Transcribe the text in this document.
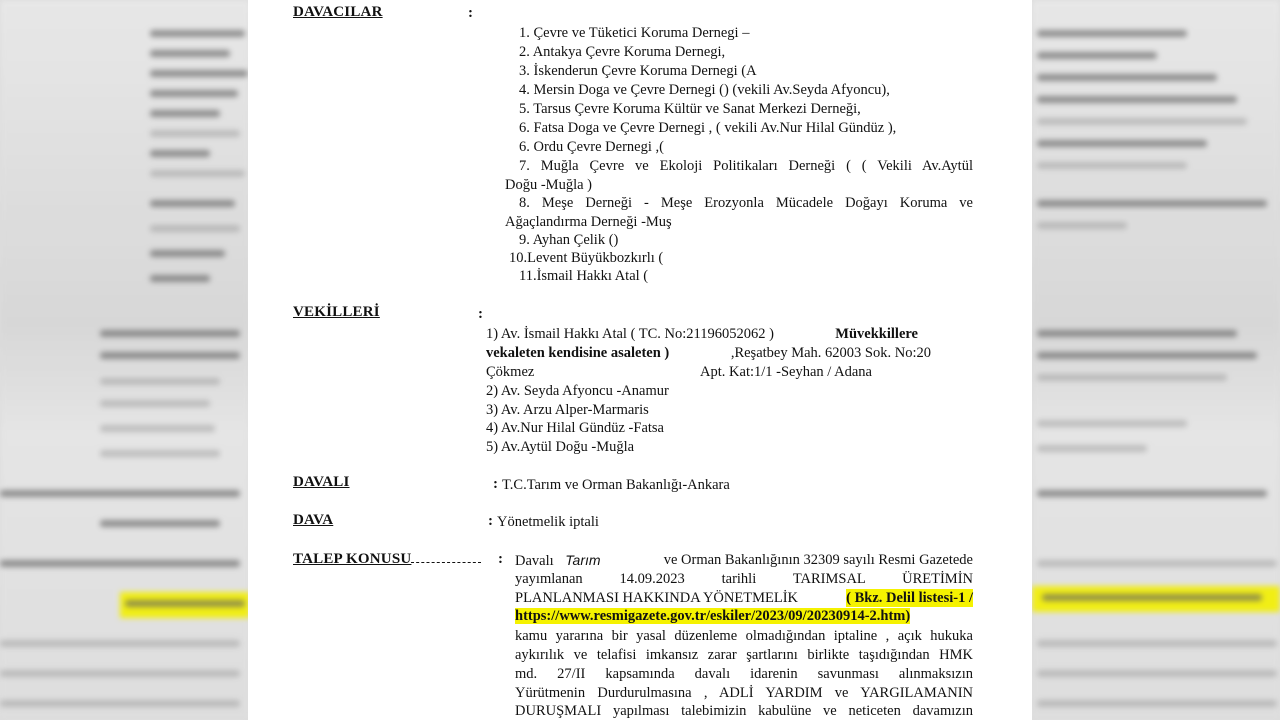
DAVACILAR	:
1. Çevre ve Tüketici Koruma Dernegi –
2. Antakya Çevre Koruma Dernegi,
3. İskenderun Çevre Koruma Dernegi (A
4. Mersin Doga ve Çevre Dernegi () (vekili Av.Seyda Afyoncu),
5. Tarsus Çevre Koruma Kültür ve Sanat Merkezi Derneği,
6. Fatsa Doga ve Çevre Dernegi , ( vekili Av.Nur Hilal Gündüz ),
6. Ordu Çevre Dernegi ,(
7. Muğla Çevre ve Ekoloji Politikaları Derneği ( ( Vekili Av.Aytül
Doğu -Muğla )
8. Meşe Derneği - Meşe Erozyonla Mücadele Doğayı Koruma ve
Ağaçlandırma Derneği -Muş
9. Ayhan Çelik ()
10.Levent Büyükbozkırlı (
11.İsmail Hakkı Atal (
VEKİLLERİ	:
1) Av. İsmail Hakkı Atal ( TC. No:21196052062 )	Müvekkillere
vekaleten kendisine asaleten )	,Reşatbey Mah. 62003 Sok. No:20
Çökmez	Apt. Kat:1/1 -Seyhan / Adana
2) Av. Seyda Afyoncu -Anamur
3) Av. Arzu Alper-Marmaris
4) Av.Nur Hilal Gündüz -Fatsa
5) Av.Aytül Doğu -Muğla
DAVALI	: T.C.Tarım ve Orman Bakanlığı-Ankara
DAVA	: Yönetmelik iptali
TALEP KONUSU	: Davalı Tarım	ve Orman Bakanlığının 32309 sayılı Resmi Gazetede
yayımlanan 14.09.2023 tarihli TARIMSAL ÜRETİMİN
PLANLANMASI HAKKINDA YÖNETMELİK	( Bkz. Delil listesi-1 /
https://www.resmigazete.gov.tr/eskiler/2023/09/20230914-2.htm)
kamu yararına bir yasal düzenleme olmadığından iptaline , açık hukuka
aykırılık ve telafisi imkansız zarar şartlarını birlikte taşıdığından HMK
md. 27/II kapsamında davalı idarenin savunması alınmaksızın
Yürütmenin Durdurulmasına , ADLİ YARDIM ve YARGILAMANIN
DURUŞMALI yapılması talebimizin kabulüne ve neticeten davamızın
